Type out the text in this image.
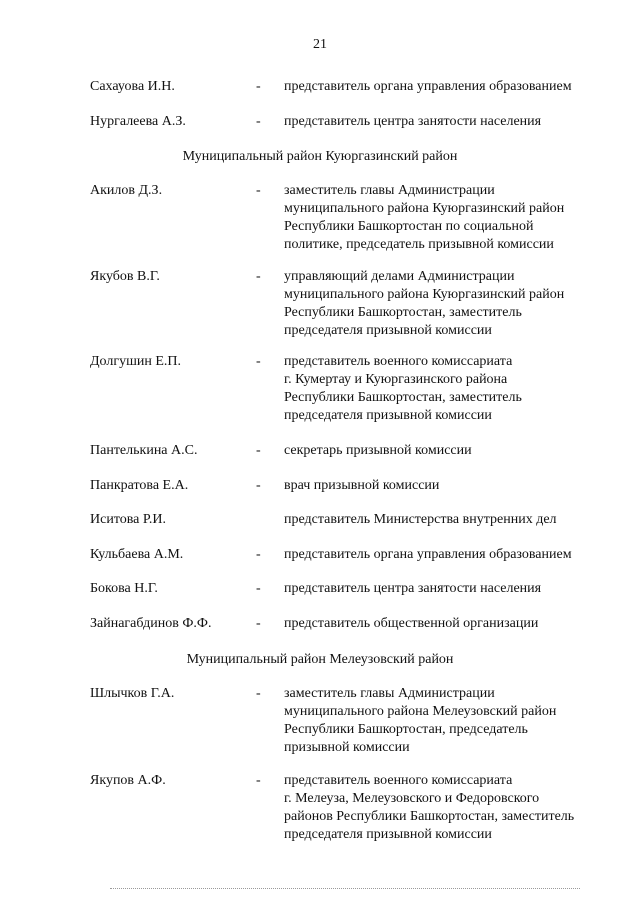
21
Сахауова И.Н.	- представитель органа управления образованием
Нургалеева А.З.	- представитель центра занятости населения
Муниципальный район Куюргазинский район
Акилов Д.З.	- заместитель главы Администрации
муниципального района Куюргазинский район
Республики Башкортостан по социальной
политике, председатель призывной комиссии
Якубов В.Г.	- управляющий делами Администрации
муниципального района Куюргазинский район
Республики Башкортостан, заместитель
председателя призывной комиссии
Долгушин Е.П.	- представитель военного комиссариата
г. Кумертау и Куюргазинского района
Республики Башкортостан, заместитель
председателя призывной комиссии
Пантелькина А.С.	- секретарь призывной комиссии
Панкратова Е.А.	- врач призывной комиссии
Иситова Р.И.	представитель Министерства внутренних дел
Кульбаева А.М.	- представитель органа управления образованием
Бокова Н.Г.	- представитель центра занятости населения
Зайнагабдинов Ф.Ф.	- представитель общественной организации
Муниципальный район Мелеузовский район
Шлычков Г.А.	- заместитель главы Администрации
муниципального района Мелеузовский район
Республики Башкортостан, председатель
призывной комиссии
Якупов А.Ф.	- представитель военного комиссариата
г. Мелеуза, Мелеузовского и Федоровского
районов Республики Башкортостан, заместитель
председателя призывной комиссии
